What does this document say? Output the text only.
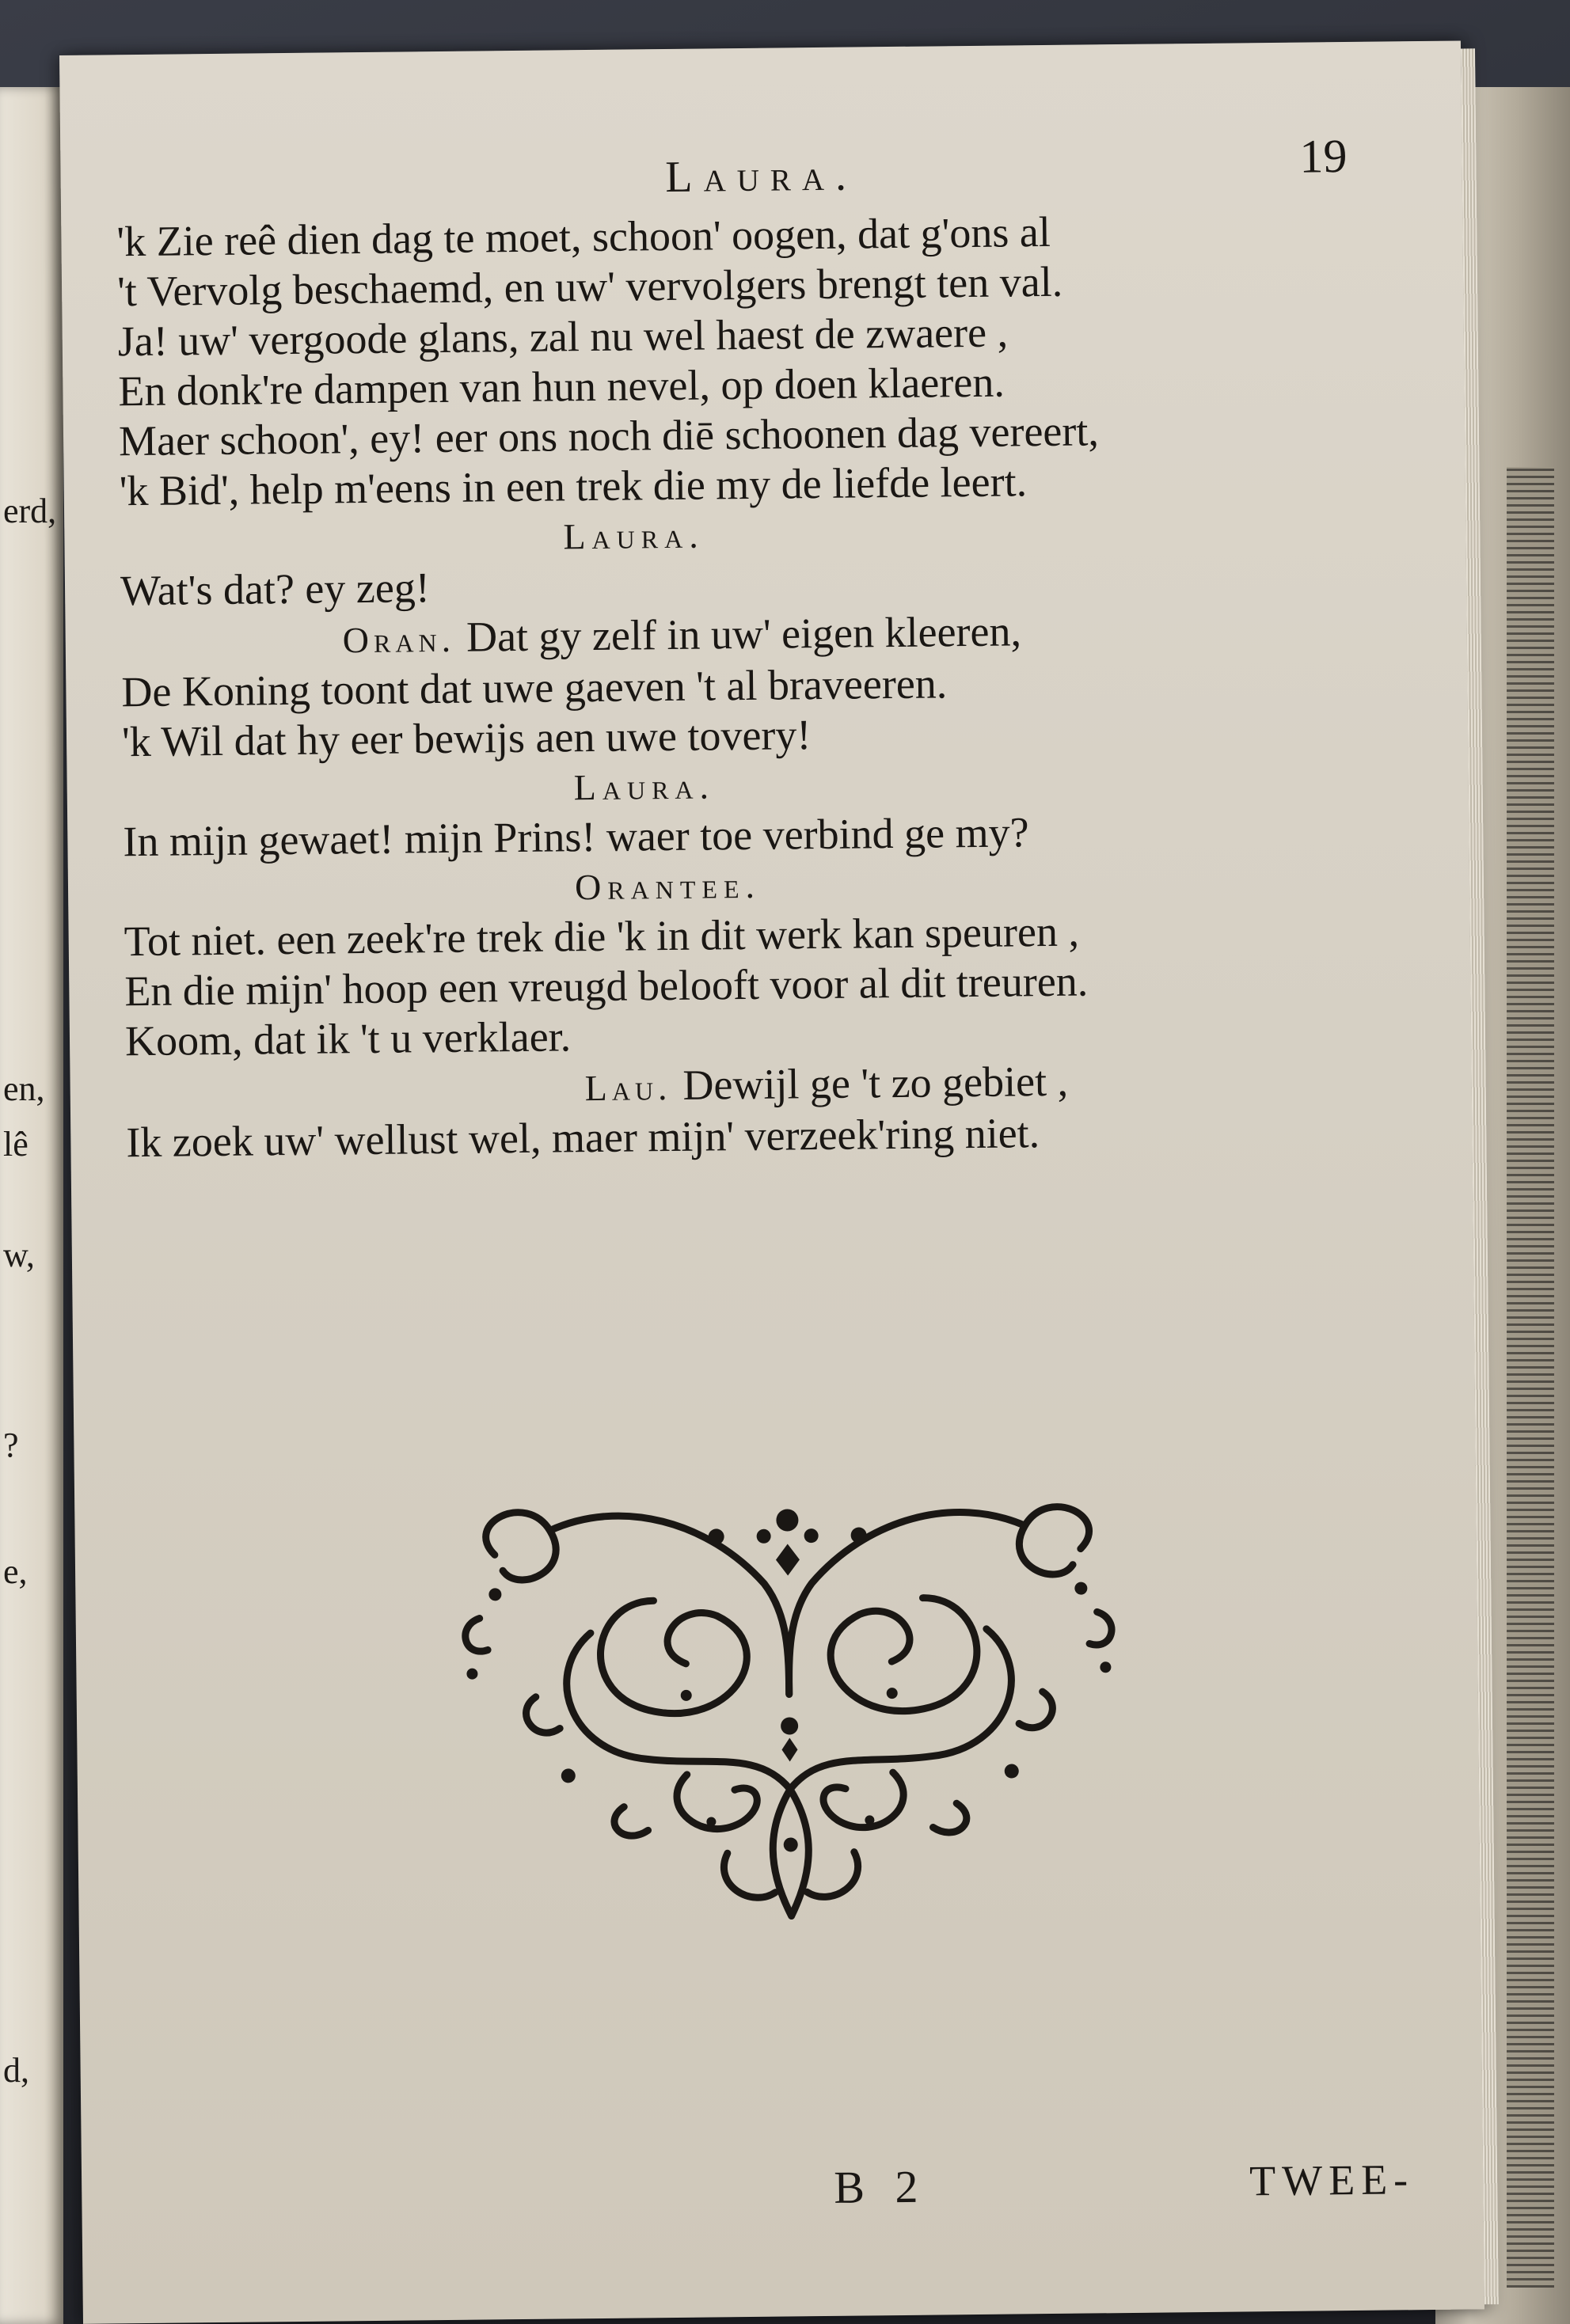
erd,
en,
lê
w,
?
e,
d,
Laura.	19
'k Zie reê dien dag te moet, schoon' oogen, dat g'ons al
't Vervolg beschaemd, en uw' vervolgers brengt ten val.
Ja! uw' vergoode glans, zal nu wel haest de zwaere ,
En donk're dampen van hun nevel, op doen klaeren.
Maer schoon', ey! eer ons noch diē schoonen dag vereert,
'k Bid', help m'eens in een trek die my de liefde leert.
Laura.
Wat's dat? ey zeg!
Oran. Dat gy zelf in uw' eigen kleeren,
De Koning toont dat uwe gaeven 't al braveeren.
'k Wil dat hy eer bewijs aen uwe tovery!
Laura.
In mijn gewaet! mijn Prins! waer toe verbind ge my?
Orantee.
Tot niet. een zeek're trek die 'k in dit werk kan speuren ,
En die mijn' hoop een vreugd belooft voor al dit treuren.
Koom, dat ik 't u verklaer.
Lau. Dewijl ge 't zo gebiet ,
Ik zoek uw' wellust wel, maer mijn' verzeek'ring niet.
B 2	TWEE-
